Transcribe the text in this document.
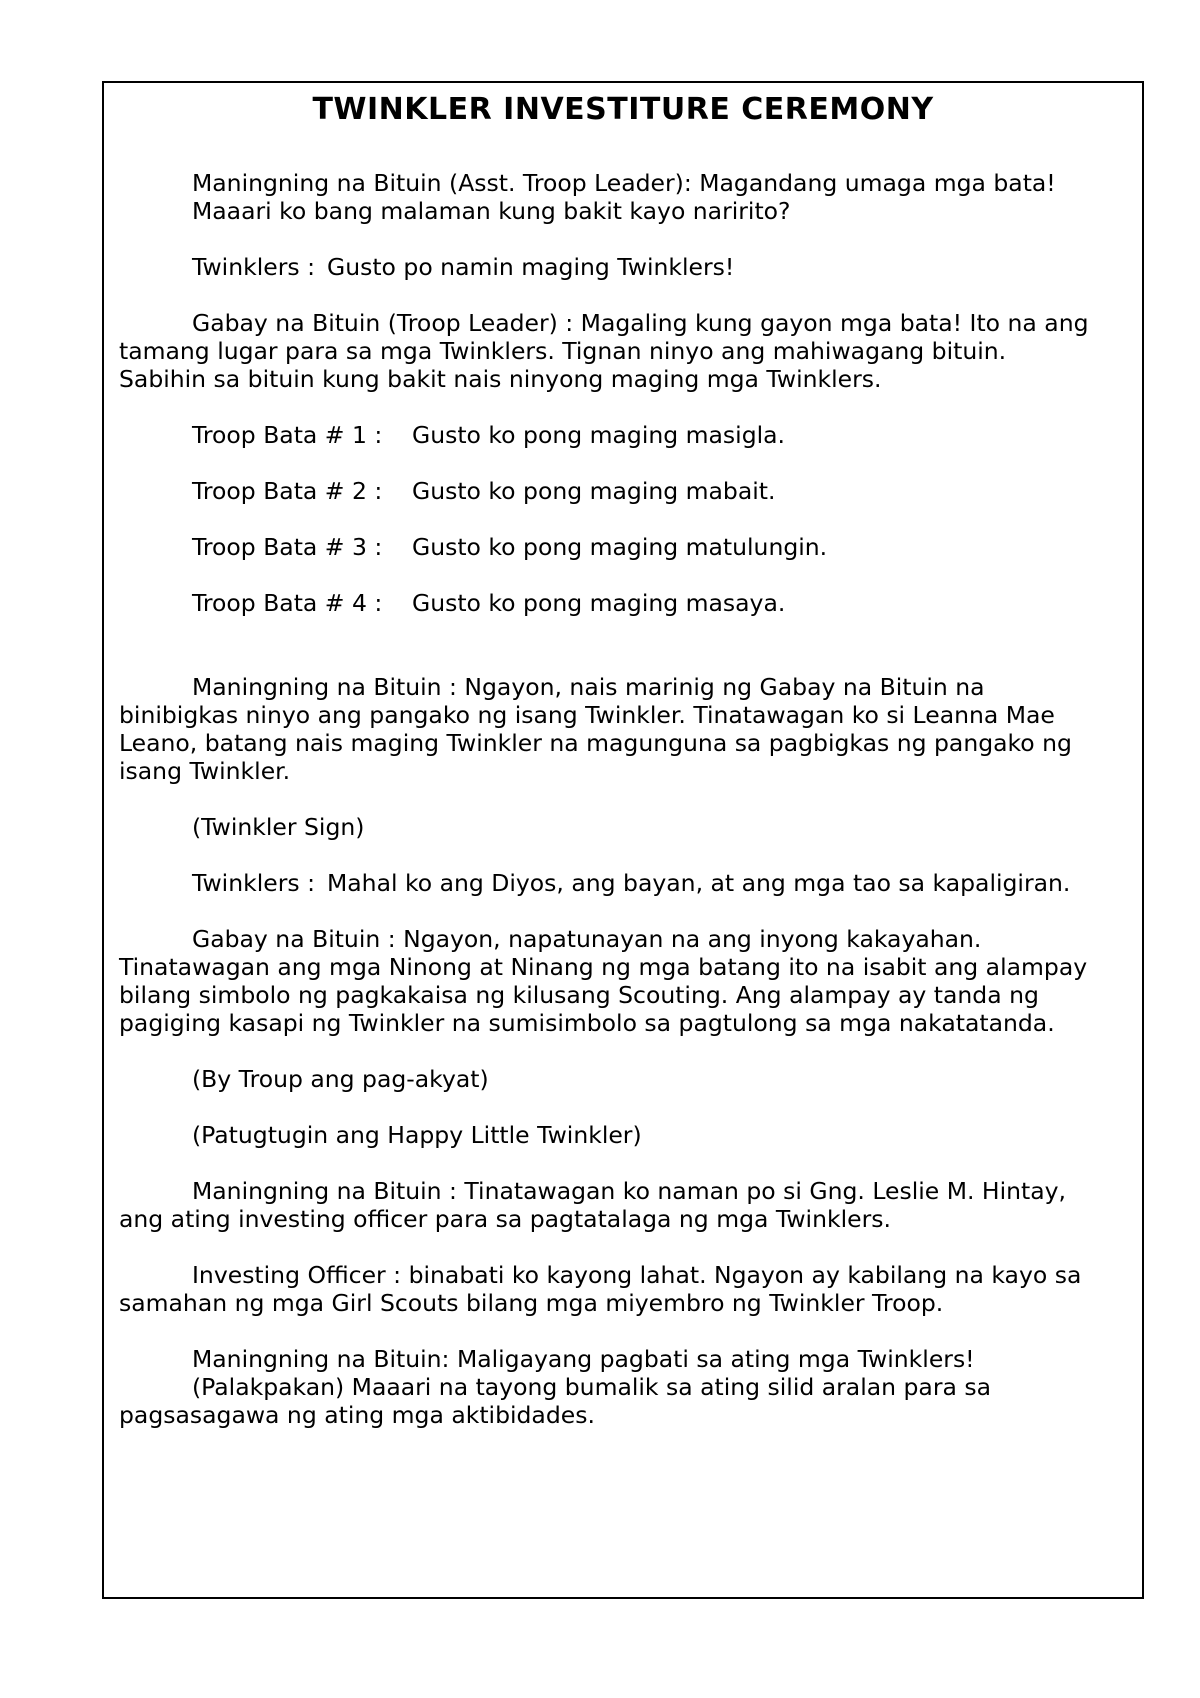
TWINKLER INVESTITURE CEREMONY
Maningning na Bituin (Asst. Troop Leader): Magandang umaga mga bata!
Maaari ko bang malaman kung bakit kayo naririto?
Twinklers : Gusto po namin maging Twinklers!
Gabay na Bituin (Troop Leader) : Magaling kung gayon mga bata! Ito na ang
tamang lugar para sa mga Twinklers. Tignan ninyo ang mahiwagang bituin.
Sabihin sa bituin kung bakit nais ninyong maging mga Twinklers.
Troop Bata # 1 :	Gusto ko pong maging masigla.
Troop Bata # 2 :	Gusto ko pong maging mabait.
Troop Bata # 3 :	Gusto ko pong maging matulungin.
Troop Bata # 4 :	Gusto ko pong maging masaya.
Maningning na Bituin : Ngayon, nais marinig ng Gabay na Bituin na
binibigkas ninyo ang pangako ng isang Twinkler. Tinatawagan ko si Leanna Mae
Leano, batang nais maging Twinkler na magunguna sa pagbigkas ng pangako ng
isang Twinkler.
(Twinkler Sign)
Twinklers : Mahal ko ang Diyos, ang bayan, at ang mga tao sa kapaligiran.
Gabay na Bituin : Ngayon, napatunayan na ang inyong kakayahan.
Tinatawagan ang mga Ninong at Ninang ng mga batang ito na isabit ang alampay
bilang simbolo ng pagkakaisa ng kilusang Scouting. Ang alampay ay tanda ng
pagiging kasapi ng Twinkler na sumisimbolo sa pagtulong sa mga nakatatanda.
(By Troup ang pag-akyat)
(Patugtugin ang Happy Little Twinkler)
Maningning na Bituin : Tinatawagan ko naman po si Gng. Leslie M. Hintay,
ang ating investing officer para sa pagtatalaga ng mga Twinklers.
Investing Officer : binabati ko kayong lahat. Ngayon ay kabilang na kayo sa
samahan ng mga Girl Scouts bilang mga miyembro ng Twinkler Troop.
Maningning na Bituin: Maligayang pagbati sa ating mga Twinklers!
(Palakpakan) Maaari na tayong bumalik sa ating silid aralan para sa
pagsasagawa ng ating mga aktibidades.
